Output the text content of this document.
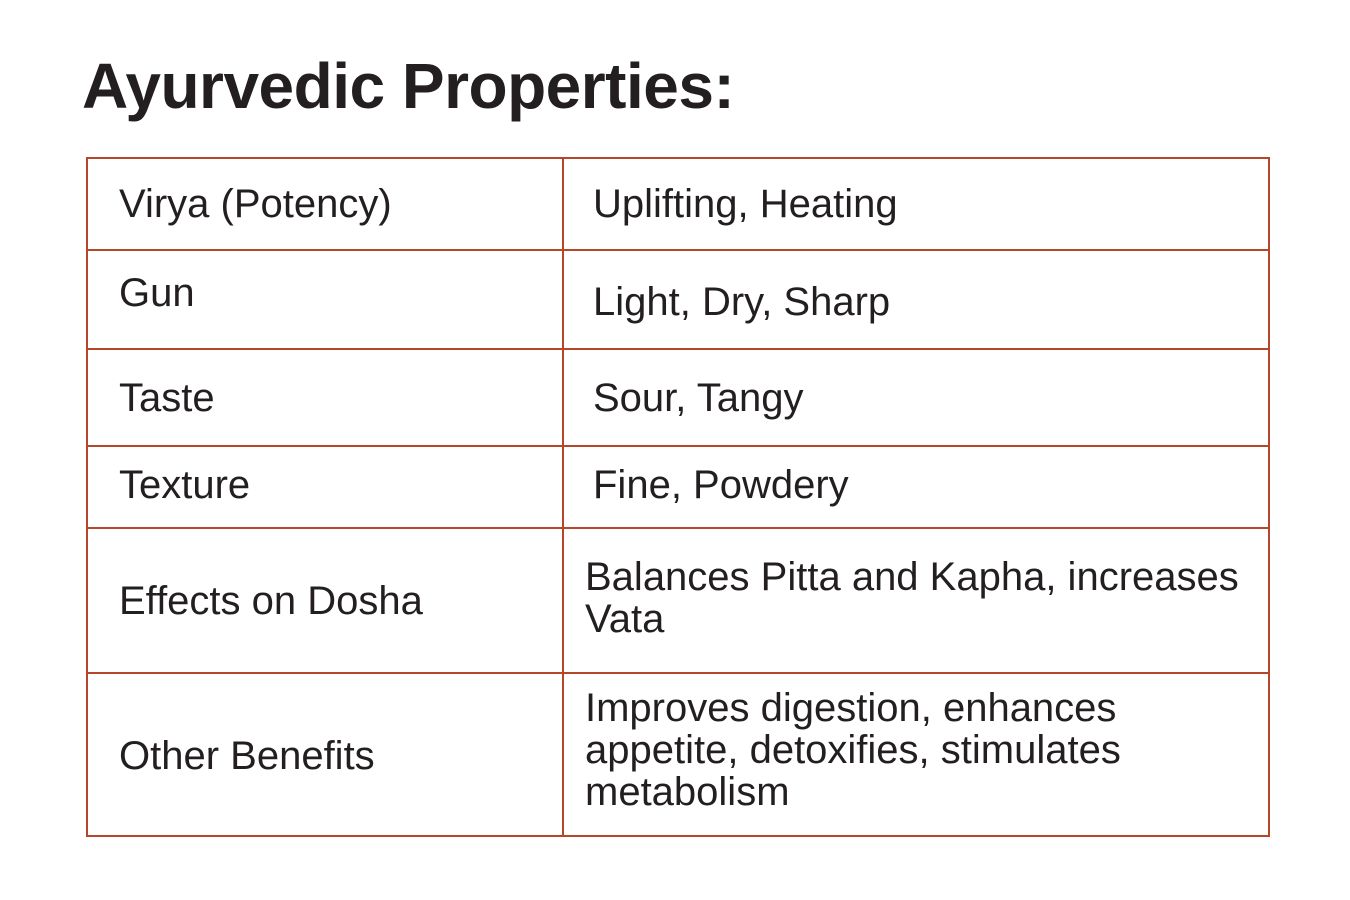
Ayurvedic Properties:
Virya (Potency)	Uplifting, Heating
Gun	Light, Dry, Sharp
Taste	Sour, Tangy
Texture	Fine, Powdery
Effects on Dosha	Balances Pitta and Kapha, increases Vata
Other Benefits	Improves digestion, enhances appetite, detoxifies, stimulates metabolism
